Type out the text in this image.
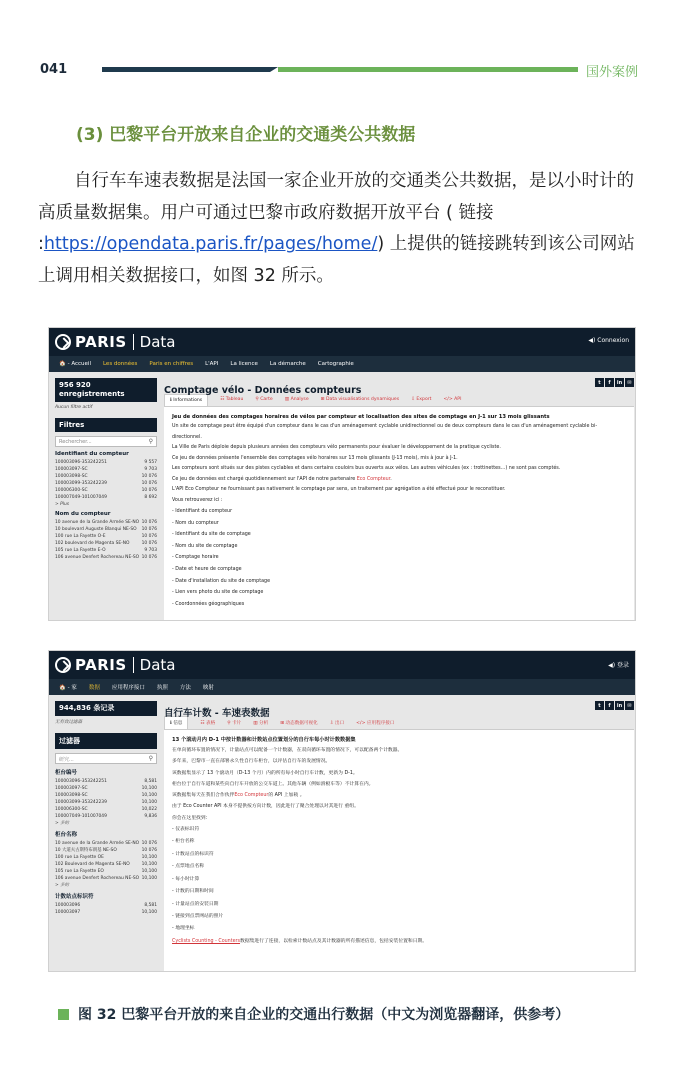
041	国外案例
(3) 巴黎平台开放来自企业的交通类公共数据

自行车车速表数据是法国一家企业开放的交通类公共数据，是以小时计的高质量数据集。用户可通过巴黎市政府数据开放平台 ( 链接 :https://opendata.paris.fr/pages/home/) 上提供的链接跳转到该公司网站上调用相关数据接口，如图 32 所示。

PARIS Data	◀) Connexion
🏠 - Accueil Les données Paris en chiffres L'API La licence La démarche Cartographie
956 920 enregistrements
Aucun filtre actif
Filtres
Rechercher...	⚲
Identifiant du compteur
100003096-353242251	9 557
100003097-SC	9 703
100003098-SC	10 076
100003099-353242239	10 076
100006300-SC	10 076
100007049-101007049	8 692
> Plus
Nom du compteur
10 avenue de la Grande Armée SE-NO 10 076
10 boulevard Auguste Blanqui NE-SO 10 076
100 rue La Fayette O-E	10 076
102 boulevard de Magenta SE-NO	10 076
105 rue La Fayette E-O	9 703
106 avenue Denfert Rochereau NE-SO 10 076
Comptage vélo - Données compteurs
t	f	in	✉
ℹ Informations	☷ Tableau	⚲ Carte	▥ Analyse	⊞ Data visualisations dynamiques	⇩ Export	</> API
Jeu de données des comptages horaires de vélos par compteur et localisation des sites de comptage en J-1 sur 13 mois glissants
Un site de comptage peut être équipé d'un compteur dans le cas d'un aménagement cyclable unidirectionnel ou de deux compteurs dans le cas d'un aménagement cyclable bi-directionnel.
La Ville de Paris déploie depuis plusieurs années des compteurs vélo permanents pour évaluer le développement de la pratique cycliste.
Ce jeu de données présente l'ensemble des comptages vélo horaires sur 13 mois glissants (J-13 mois), mis à jour à J-1.
Les compteurs sont situés sur des pistes cyclables et dans certains couloirs bus ouverts aux vélos. Les autres véhicules (ex : trottinettes…) ne sont pas comptés.
Ce jeu de données est chargé quotidiennement sur l'API de notre partenaire Eco Compteur.
L'API Eco Compteur ne fournissant pas nativement le comptage par sens, un traitement par agrégation a été effectué pour le reconstituer.
Vous retrouverez ici :
- Identifiant du compteur
- Nom du compteur
- Identifiant du site de comptage
- Nom du site de comptage
- Comptage horaire
- Date et heure de comptage
- Date d'installation du site de comptage
- Lien vers photo du site de comptage
- Coordonnées géographiques
PARIS Data	◀) 登录
🏠 - 家 数据 应用程序接口 执照 方法 映射
944,836 条记录
无有效过滤器
过滤器
研究...	⚲
柜台编号
100003096-353242251	8,581
100003097-SC	10,100
100003098-SC	10,100
100003099-353242239	10,100
100006300-SC	10,022
100007049-101007049	9,836
> 多的
柜台名称
10 avenue de la Grande Armée SE-NO 10 076
10 大道夫古斯特布朗基 NE-SO	10 076
100 rue La Fayette OE	10,100
102 Boulevard de Magenta SE-NO	10,100
105 rue La Fayette EO	10,100
106 avenue Denfert Rochereau NE-SO 10,100
> 多的
计数站点标识符
100003096	8,581
100003097	10,100
自行车计数 - 车速表数据
t	f	in	✉
ℹ 信息	☷ 表格	⚲ 卡片	▥ 分析	⊞ 动态数据可视化	⇩ 出口	</> 应用程序接口
13 个滚动月内 D-1 中按计数器和计数站点位置划分的自行车每小时计数数据集
在单向循环布置的情况下，计量站点可以配备一个计数器，在双向循环布置的情况下，可以配备两个计数器。
多年来，巴黎市一直在部署永久性自行车柜台，以评估自行车的发展情况。
该数据集显示了 13 个滚动月（D-13 个月）内的所有每小时自行车计数，更新为 D-1。
柜台位于自行车道和某些向自行车开放的公交车道上。其他车辆（例如滑板车等）不计算在内。
该数据集每天在我们合作伙伴Eco Compteur的 API 上加载 。
由于 Eco Counter API 本身不提供按方向计数，因此进行了聚合处理以对其进行 重组。
你会在这里找到：
- 仪表标识符
- 柜台名称
- 计数站点的标识符
- 点票地点名称
- 每小时计算
- 计数的日期和时间
- 计量站点的安装日期
- 链接到点票网站的照片
- 地理坐标
Cyclists Counting - Counters数据集进行了连接，以检索计数站点及其计数器的所有描述信息，包括安装位置和日期。
图 32 巴黎平台开放的来自企业的交通出行数据（中文为浏览器翻译，供参考）
